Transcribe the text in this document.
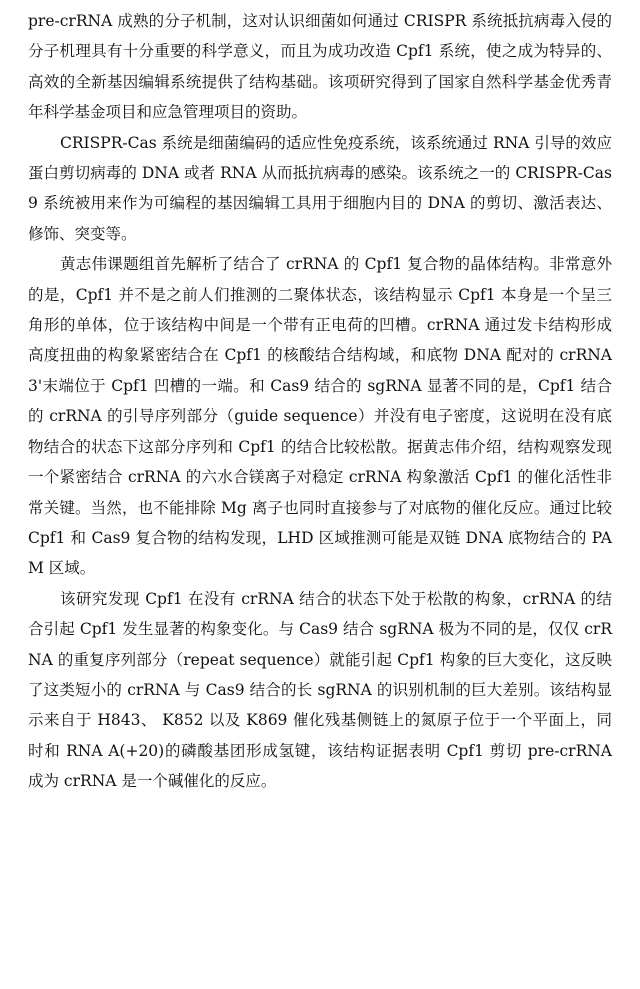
pre-crRNA 成熟的分子机制，这对认识细菌如何通过 CRISPR 系统抵抗病毒入侵的分子机理具有十分重要的科学意义，而且为成功改造 Cpf1 系统，使之成为特异的、高效的全新基因编辑系统提供了结构基础。该项研究得到了国家自然科学基金优秀青年科学基金项目和应急管理项目的资助。

CRISPR-Cas 系统是细菌编码的适应性免疫系统，该系统通过 RNA 引导的效应蛋白剪切病毒的 DNA 或者 RNA 从而抵抗病毒的感染。该系统之一的 CRISPR-Cas9 系统被用来作为可编程的基因编辑工具用于细胞内目的 DNA 的剪切、激活表达、修饰、突变等。

黄志伟课题组首先解析了结合了 crRNA 的 Cpf1 复合物的晶体结构。非常意外的是，Cpf1 并不是之前人们推测的二聚体状态，该结构显示 Cpf1 本身是一个呈三角形的单体，位于该结构中间是一个带有正电荷的凹槽。crRNA 通过发卡结构形成高度扭曲的构象紧密结合在 Cpf1 的核酸结合结构域，和底物 DNA 配对的 crRNA 3'末端位于 Cpf1 凹槽的一端。和 Cas9 结合的 sgRNA 显著不同的是，Cpf1 结合的 crRNA 的引导序列部分（guide sequence）并没有电子密度，这说明在没有底物结合的状态下这部分序列和 Cpf1 的结合比较松散。据黄志伟介绍，结构观察发现一个紧密结合 crRNA 的六水合镁离子对稳定 crRNA 构象激活 Cpf1 的催化活性非常关键。当然，也不能排除 Mg 离子也同时直接参与了对底物的催化反应。通过比较 Cpf1 和 Cas9 复合物的结构发现，LHD 区域推测可能是双链 DNA 底物结合的 PAM 区域。

该研究发现 Cpf1 在没有 crRNA 结合的状态下处于松散的构象，crRNA 的结合引起 Cpf1 发生显著的构象变化。与 Cas9 结合 sgRNA 极为不同的是，仅仅 crRNA 的重复序列部分（repeat sequence）就能引起 Cpf1 构象的巨大变化，这反映了这类短小的 crRNA 与 Cas9 结合的长 sgRNA 的识别机制的巨大差别。该结构显示来自于 H843、 K852 以及 K869 催化残基侧链上的氮原子位于一个平面上，同时和 RNA A(+20)的磷酸基团形成氢键，该结构证据表明 Cpf1 剪切 pre-crRNA 成为 crRNA 是一个碱催化的反应。
